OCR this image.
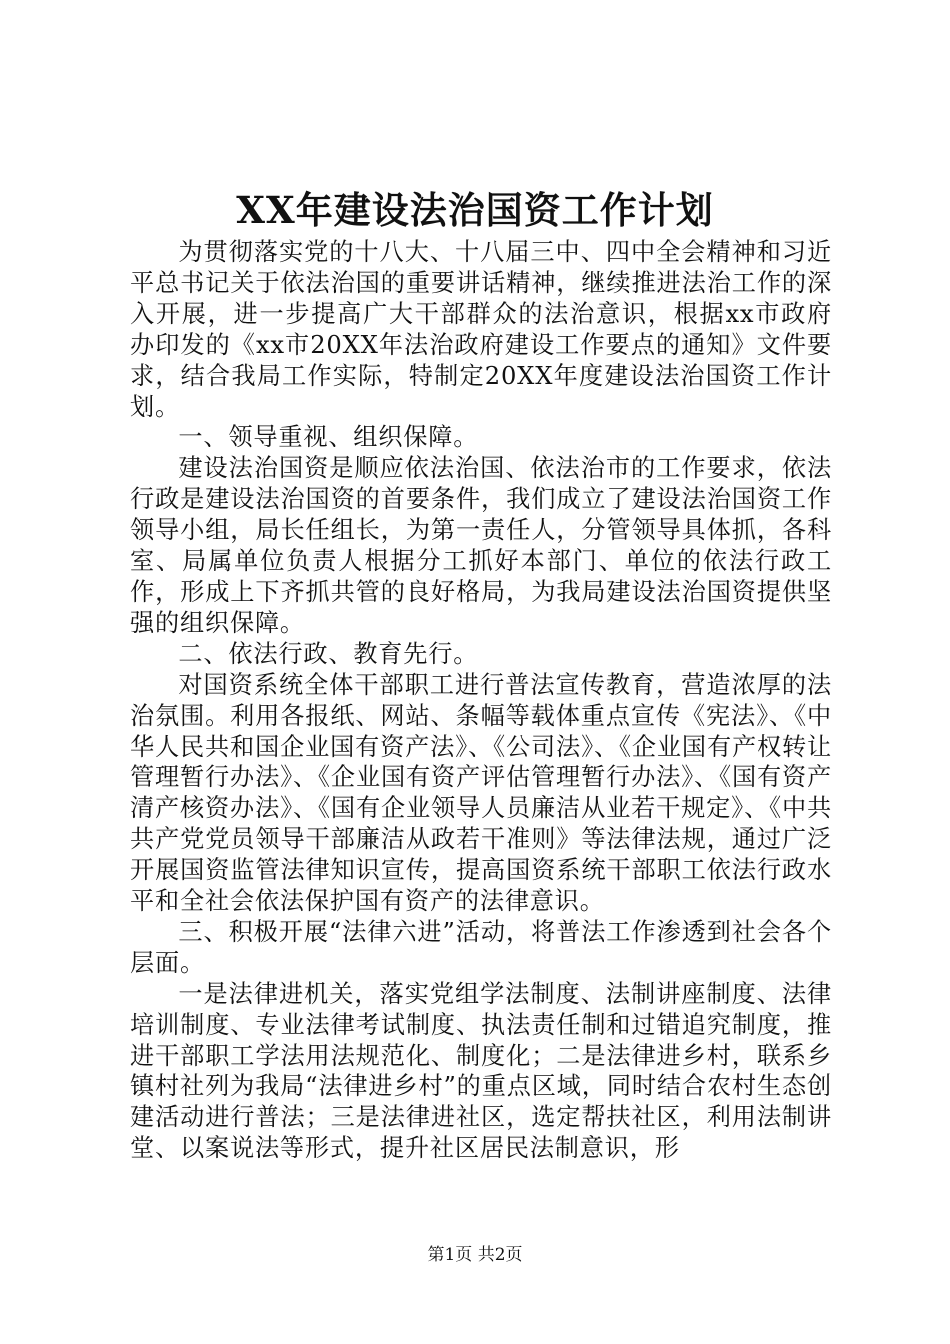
XX年建设法治国资工作计划

为贯彻落实党的十八大、十八届三中、四中全会精神和习近平总书记关于依法治国的重要讲话精神，继续推进法治工作的深入开展，进一步提高广大干部群众的法治意识，根据xx市政府办印发的《xx市20XX年法治政府建设工作要点的通知》文件要求，结合我局工作实际，特制定20XX年度建设法治国资工作计划。

一、领导重视、组织保障。

建设法治国资是顺应依法治国、依法治市的工作要求，依法行政是建设法治国资的首要条件，我们成立了建设法治国资工作领导小组，局长任组长，为第一责任人，分管领导具体抓，各科室、局属单位负责人根据分工抓好本部门、单位的依法行政工作，形成上下齐抓共管的良好格局，为我局建设法治国资提供坚强的组织保障。

二、依法行政、教育先行。

对国资系统全体干部职工进行普法宣传教育，营造浓厚的法治氛围。利用各报纸、网站、条幅等载体重点宣传《宪法》、《中华人民共和国企业国有资产法》、《公司法》、《企业国有产权转让管理暂行办法》、《企业国有资产评估管理暂行办法》、《国有资产清产核资办法》、《国有企业领导人员廉洁从业若干规定》、《中共共产党党员领导干部廉洁从政若干准则》等法律法规，通过广泛开展国资监管法律知识宣传，提高国资系统干部职工依法行政水平和全社会依法保护国有资产的法律意识。

三、积极开展“法律六进”活动，将普法工作渗透到社会各个层面。

一是法律进机关，落实党组学法制度、法制讲座制度、法律培训制度、专业法律考试制度、执法责任制和过错追究制度，推进干部职工学法用法规范化、制度化；二是法律进乡村，联系乡镇村社列为我局“法律进乡村”的重点区域，同时结合农村生态创建活动进行普法；三是法律进社区，选定帮扶社区，利用法制讲堂、以案说法等形式，提升社区居民法制意识，形

第1页 共2页
